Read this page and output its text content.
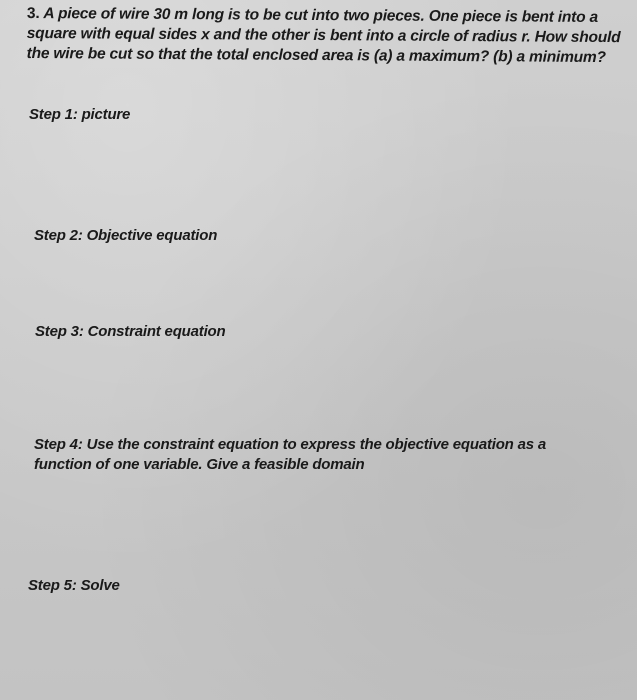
3. A piece of wire 30 m long is to be cut into two pieces. One piece is bent into a square with equal sides x and the other is bent into a circle of radius r. How should the wire be cut so that the total enclosed area is (a) a maximum? (b) a minimum?

Step 1: picture

Step 2: Objective equation

Step 3: Constraint equation

Step 4: Use the constraint equation to express the objective equation as a function of one variable. Give a feasible domain

Step 5: Solve
